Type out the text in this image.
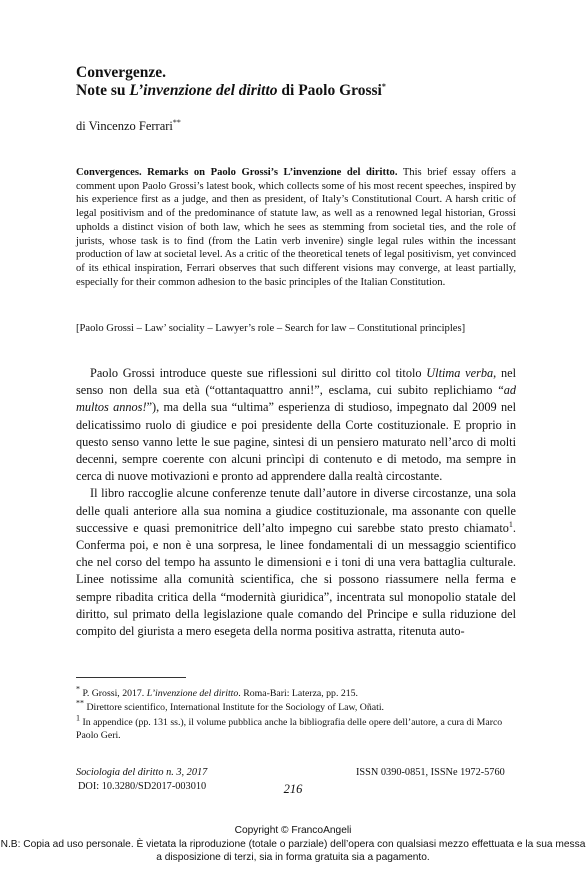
Convergenze.
Note su L’invenzione del diritto di Paolo Grossi*
di Vincenzo Ferrari**

Convergences. Remarks on Paolo Grossi’s L’invenzione del diritto. This brief essay offers a comment upon Paolo Grossi’s latest book, which collects some of his most recent speeches, inspired by his experience first as a judge, and then as president, of Italy’s Constitutional Court. A harsh critic of legal positivism and of the predominance of statute law, as well as a renowned legal historian, Grossi upholds a distinct vision of both law, which he sees as stemming from societal ties, and the role of jurists, whose task is to find (from the Latin verb invenire) single legal rules within the incessant production of law at societal level. As a critic of the theoretical tenets of legal positivism, yet convinced of its ethical inspiration, Ferrari observes that such different visions may converge, at least partially, especially for their common adhesion to the basic principles of the Italian Constitution.

[Paolo Grossi – Law’ sociality – Lawyer’s role – Search for law – Constitutional principles]

Paolo Grossi introduce queste sue riflessioni sul diritto col titolo Ultima verba, nel senso non della sua età (“ottantaquattro anni!”, esclama, cui subito replichiamo “ad multos annos!”), ma della sua “ultima” esperienza di studioso, impegnato dal 2009 nel delicatissimo ruolo di giudice e poi presidente della Corte costituzionale. E proprio in questo senso vanno lette le sue pagine, sintesi di un pensiero maturato nell’arco di molti decenni, sempre coerente con alcuni princìpi di contenuto e di metodo, ma sempre in cerca di nuove motivazioni e pronto ad apprendere dalla realtà circostante.

Il libro raccoglie alcune conferenze tenute dall’autore in diverse circostanze, una sola delle quali anteriore alla sua nomina a giudice costituzionale, ma assonante con quelle successive e quasi premonitrice dell’alto impegno cui sarebbe stato presto chiamato$^1$. Conferma poi, e non è una sorpresa, le linee fondamentali di un messaggio scientifico che nel corso del tempo ha assunto le dimensioni e i toni di una vera battaglia culturale. Linee notissime alla comunità scientifica, che si possono riassumere nella ferma e sempre ribadita critica della “modernità giuridica”, incentrata sul monopolio statale del diritto, sul primato della legislazione quale comando del Principe e sulla riduzione del compito del giurista a mero esegeta della norma positiva astratta, ritenuta auto-

* P. Grossi, 2017. L’invenzione del diritto. Roma-Bari: Laterza, pp. 215.

** Direttore scientifico, International Institute for the Sociology of Law, Oñati.

$^1$ In appendice (pp. 131 ss.), il volume pubblica anche la bibliografia delle opere dell’autore, a cura di Marco Paolo Geri.

Sociologia del diritto n. 3, 2017
DOI: 10.3280/SD2017-003010
ISSN 0390-0851, ISSNe 1972-5760
216
Copyright © FrancoAngeli
N.B: Copia ad uso personale. È vietata la riproduzione (totale o parziale) dell’opera con qualsiasi mezzo effettuata e la sua messa a disposizione di terzi, sia in forma gratuita sia a pagamento.
